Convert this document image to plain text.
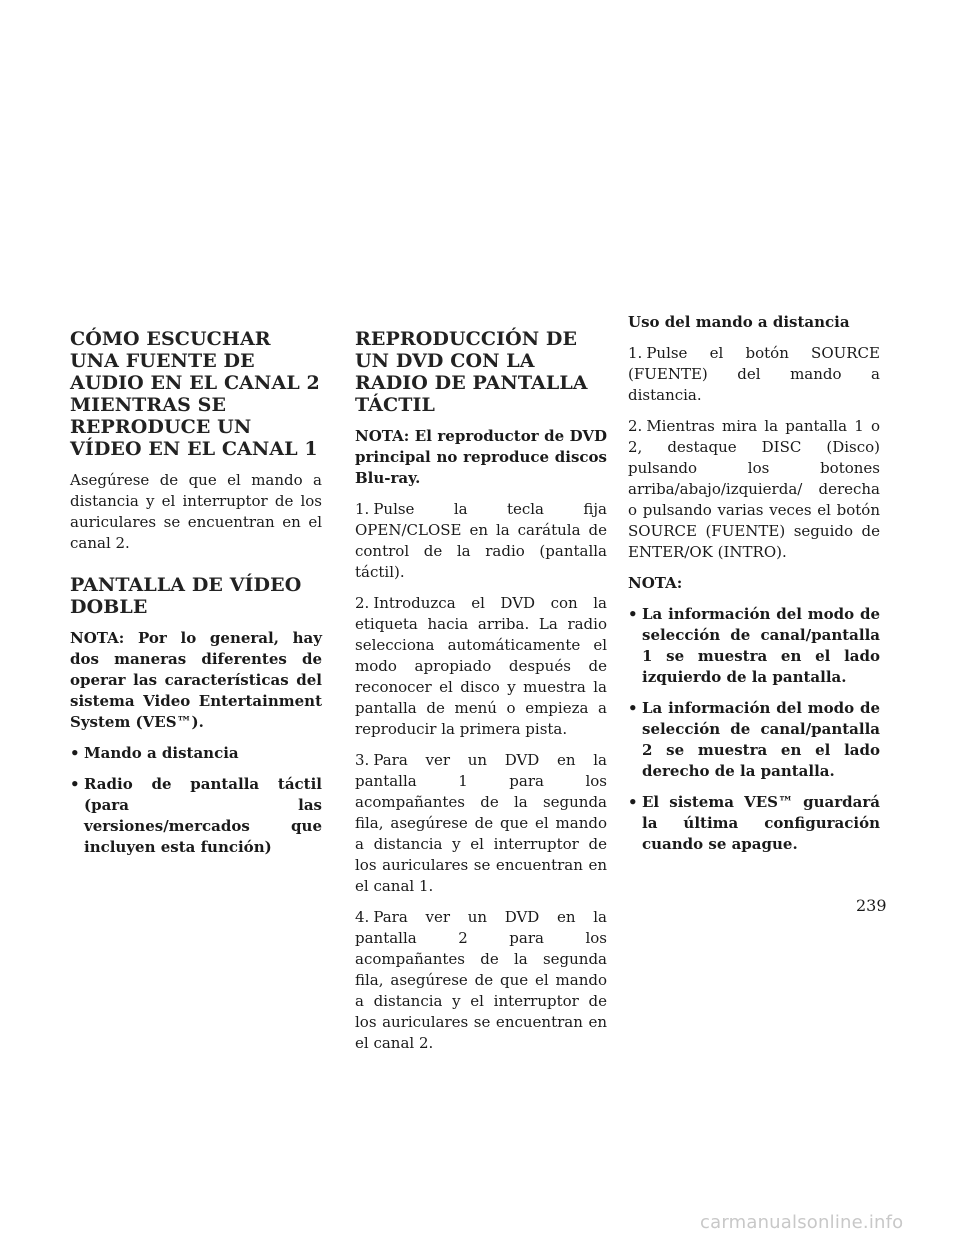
CÓMO ESCUCHAR UNA FUENTE DE AUDIO EN EL CANAL 2 MIENTRAS SE REPRODUCE UN VÍDEO EN EL CANAL 1

Asegúrese de que el mando a distancia y el interruptor de los auriculares se encuentran en el canal 2.

PANTALLA DE VÍDEO DOBLE

NOTA: Por lo general, hay dos maneras diferentes de operar las características del sistema Video Entertainment System (VES™).

• Mando a distancia
• Radio de pantalla táctil (para las versiones/mercados que incluyen esta función)
REPRODUCCIÓN DE UN DVD CON LA RADIO DE PANTALLA TÁCTIL

NOTA: El reproductor de DVD principal no reproduce discos Blu-ray.

1. Pulse la tecla fija OPEN/CLOSE en la carátula de control de la radio (pantalla táctil).

2. Introduzca el DVD con la etiqueta hacia arriba. La radio selecciona automáticamente el modo apropiado después de reconocer el disco y muestra la pantalla de menú o empieza a reproducir la primera pista.

3. Para ver un DVD en la pantalla 1 para los acompañantes de la segunda fila, asegúrese de que el mando a distancia y el interruptor de los auriculares se encuentran en el canal 1.

4. Para ver un DVD en la pantalla 2 para los acompañantes de la segunda fila, asegúrese de que el mando a distancia y el interruptor de los auriculares se encuentran en el canal 2.

Uso del mando a distancia

1. Pulse el botón SOURCE (FUENTE) del mando a distancia.

2. Mientras mira la pantalla 1 o 2, destaque DISC (Disco) pulsando los botones arriba/abajo/izquierda/ derecha o pulsando varias veces el botón SOURCE (FUENTE) seguido de ENTER/OK (INTRO).

NOTA:

• La información del modo de selección de canal/pantalla 1 se muestra en el lado izquierdo de la pantalla.
• La información del modo de selección de canal/pantalla 2 se muestra en el lado derecho de la pantalla.
• El sistema VES™ guardará la última configuración cuando se apague.
239
carmanualsonline.info
